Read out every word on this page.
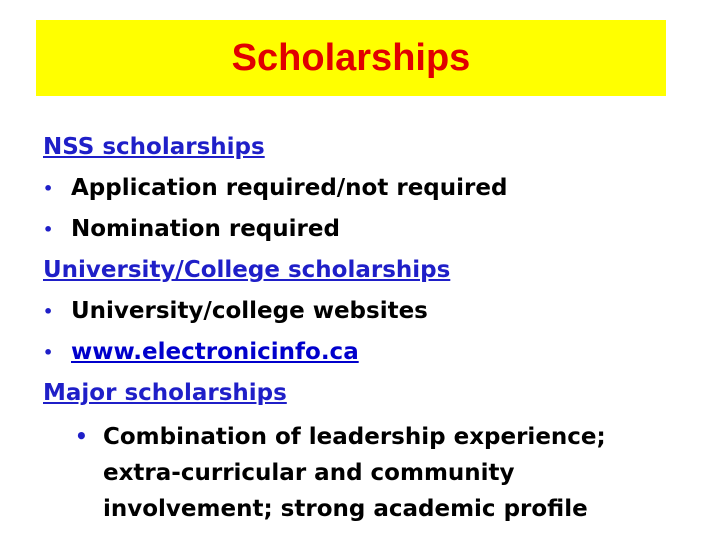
Scholarships
NSS scholarships
• Application required/not required
• Nomination required
University/College scholarships
• University/college websites
• www.electronicinfo.ca
Major scholarships
• Combination of leadership experience; extra-curricular and community involvement; strong academic profile
